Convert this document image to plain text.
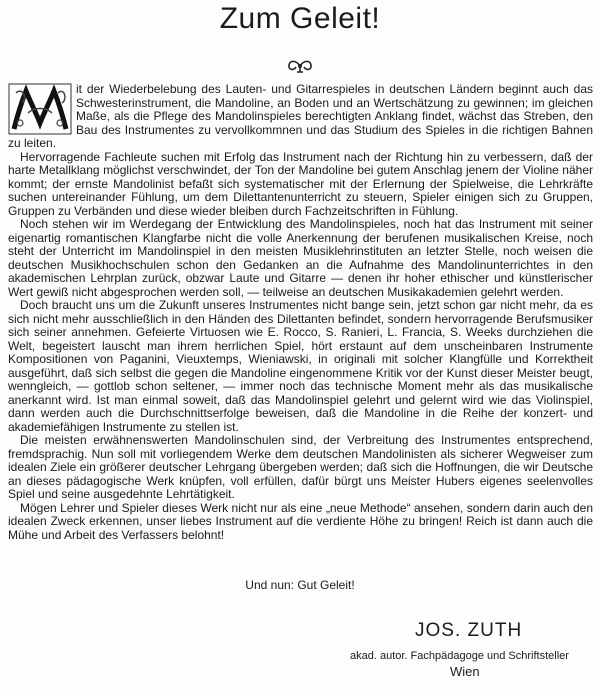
Zum Geleit!

it der Wiederbelebung des Lauten- und Gitarrespieles in deutschen Ländern beginnt auch das Schwesterinstrument, die Mandoline, an Boden und an Wertschätzung zu gewinnen; im gleichen Maße, als die Pflege des Mandolinspieles berechtigten Anklang findet, wächst das Streben, den Bau des Instrumentes zu vervollkommnen und das Studium des Spieles in die richtigen Bahnen zu leiten.

Hervorragende Fachleute suchen mit Erfolg das Instrument nach der Richtung hin zu verbessern, daß der harte Metallklang möglichst verschwindet, der Ton der Mandoline bei gutem Anschlag jenem der Violine näher kommt; der ernste Mandolinist befaßt sich systematischer mit der Erlernung der Spielweise, die Lehrkräfte suchen untereinander Fühlung, um dem Dilettantenunterricht zu steuern, Spieler einigen sich zu Gruppen, Gruppen zu Verbänden und diese wieder bleiben durch Fachzeitschriften in Fühlung.

Noch stehen wir im Werdegang der Entwicklung des Mandolinspieles, noch hat das Instrument mit seiner eigenartig romantischen Klangfarbe nicht die volle Anerkennung der berufenen musikalischen Kreise, noch steht der Unterricht im Mandolinspiel in den meisten Musiklehrinstituten an letzter Stelle, noch weisen die deutschen Musikhochschulen schon den Gedanken an die Aufnahme des Mandolinunterrichtes in den akademischen Lehrplan zurück, obzwar Laute und Gitarre — denen ihr hoher ethischer und künstlerischer Wert gewiß nicht abgesprochen werden soll, — teilweise an deutschen Musikakademien gelehrt werden.

Doch braucht uns um die Zukunft unseres Instrumentes nicht bange sein, jetzt schon gar nicht mehr, da es sich nicht mehr ausschließlich in den Händen des Dilettanten befindet, sondern hervorragende Berufsmusiker sich seiner annehmen. Gefeierte Virtuosen wie E. Rocco, S. Ranieri, L. Francia, S. Weeks durchziehen die Welt, begeistert lauscht man ihrem herrlichen Spiel, hört erstaunt auf dem unscheinbaren Instrumente Kompositionen von Paganini, Vieuxtemps, Wieniawski, in originali mit solcher Klangfülle und Korrektheit ausgeführt, daß sich selbst die gegen die Mandoline eingenommene Kritik vor der Kunst dieser Meister beugt, wenngleich, — gottlob schon seltener, — immer noch das technische Moment mehr als das musikalische anerkannt wird. Ist man einmal soweit, daß das Mandolinspiel gelehrt und gelernt wird wie das Violinspiel, dann werden auch die Durchschnittserfolge beweisen, daß die Mandoline in die Reihe der konzert- und akademiefähigen Instrumente zu stellen ist.

Die meisten erwähnenswerten Mandolinschulen sind, der Verbreitung des Instrumentes entsprechend, fremdsprachig. Nun soll mit vorliegendem Werke dem deutschen Mandolinisten als sicherer Wegweiser zum idealen Ziele ein größerer deutscher Lehrgang übergeben werden; daß sich die Hoffnungen, die wir Deutsche an dieses pädagogische Werk knüpfen, voll erfüllen, dafür bürgt uns Meister Hubers eigenes seelenvolles Spiel und seine ausgedehnte Lehrtätigkeit.

Mögen Lehrer und Spieler dieses Werk nicht nur als eine „neue Methode“ ansehen, sondern darin auch den idealen Zweck erkennen, unser liebes Instrument auf die verdiente Höhe zu bringen! Reich ist dann auch die Mühe und Arbeit des Verfassers belohnt!

Und nun: Gut Geleit!
JOS. ZUTH
akad. autor. Fachpädagoge und Schriftsteller
Wien
